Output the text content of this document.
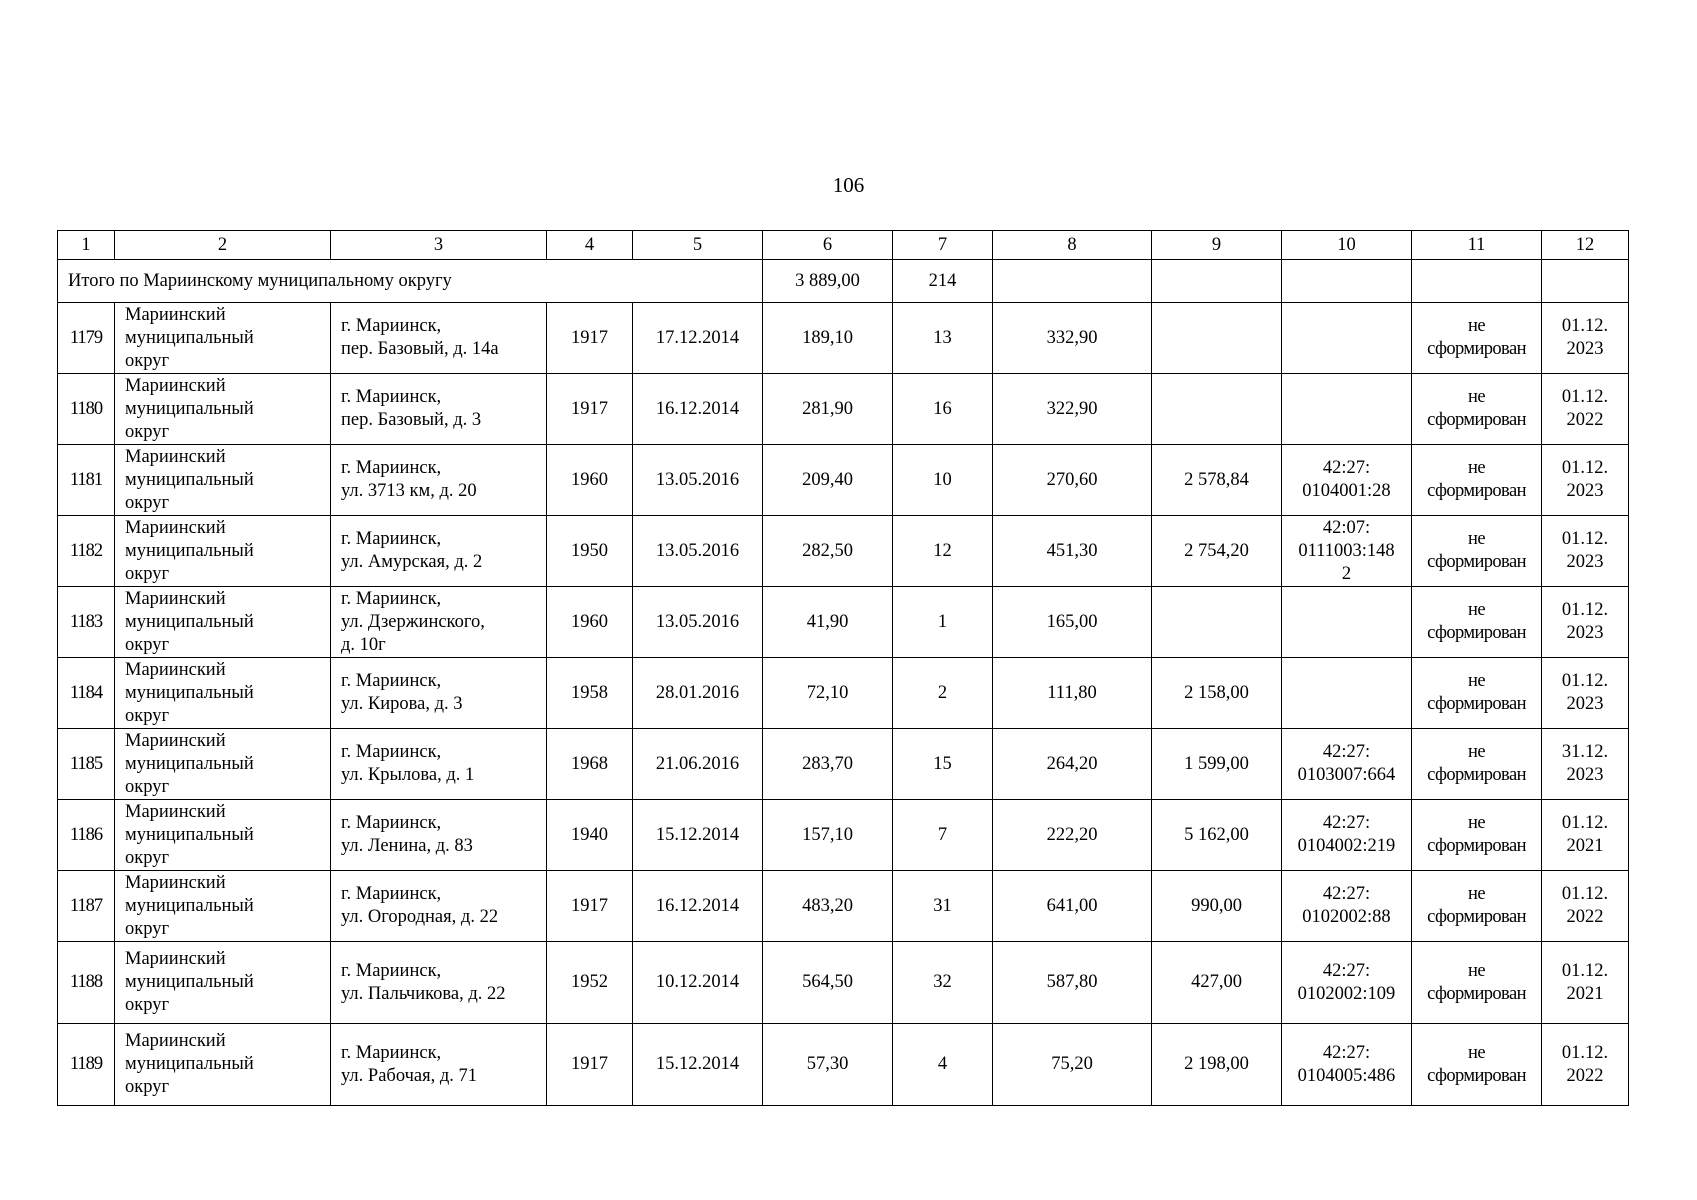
106
1	2	3	4	5	6	7	8	9	10	11	12
Итого по Мариинскому муниципальному округу					3 889,00	214					
1179	Мариинский
муниципальный
округ	г. Мариинск,
пер. Базовый, д. 14а	1917	17.12.2014	189,10	13	332,90			не
сформирован	01.12.
2023
1180	Мариинский
муниципальный
округ	г. Мариинск,
пер. Базовый, д. 3	1917	16.12.2014	281,90	16	322,90			не
сформирован	01.12.
2022
1181	Мариинский
муниципальный
округ	г. Мариинск,
ул. 3713 км, д. 20	1960	13.05.2016	209,40	10	270,60	2 578,84	42:27:
0104001:28	не
сформирован	01.12.
2023
1182	Мариинский
муниципальный
округ	г. Мариинск,
ул. Амурская, д. 2	1950	13.05.2016	282,50	12	451,30	2 754,20	42:07:
0111003:148
2	не
сформирован	01.12.
2023
1183	Мариинский
муниципальный
округ	г. Мариинск,
ул. Дзержинского,
д. 10г	1960	13.05.2016	41,90	1	165,00			не
сформирован	01.12.
2023
1184	Мариинский
муниципальный
округ	г. Мариинск,
ул. Кирова, д. 3	1958	28.01.2016	72,10	2	111,80	2 158,00		не
сформирован	01.12.
2023
1185	Мариинский
муниципальный
округ	г. Мариинск,
ул. Крылова, д. 1	1968	21.06.2016	283,70	15	264,20	1 599,00	42:27:
0103007:664	не
сформирован	31.12.
2023
1186	Мариинский
муниципальный
округ	г. Мариинск,
ул. Ленина, д. 83	1940	15.12.2014	157,10	7	222,20	5 162,00	42:27:
0104002:219	не
сформирован	01.12.
2021
1187	Мариинский
муниципальный
округ	г. Мариинск,
ул. Огородная, д. 22	1917	16.12.2014	483,20	31	641,00	990,00	42:27:
0102002:88	не
сформирован	01.12.
2022
1188	Мариинский
муниципальный
округ	г. Мариинск,
ул. Пальчикова, д. 22	1952	10.12.2014	564,50	32	587,80	427,00	42:27:
0102002:109	не
сформирован	01.12.
2021
1189	Мариинский
муниципальный
округ	г. Мариинск,
ул. Рабочая, д. 71	1917	15.12.2014	57,30	4	75,20	2 198,00	42:27:
0104005:486	не
сформирован	01.12.
2022
